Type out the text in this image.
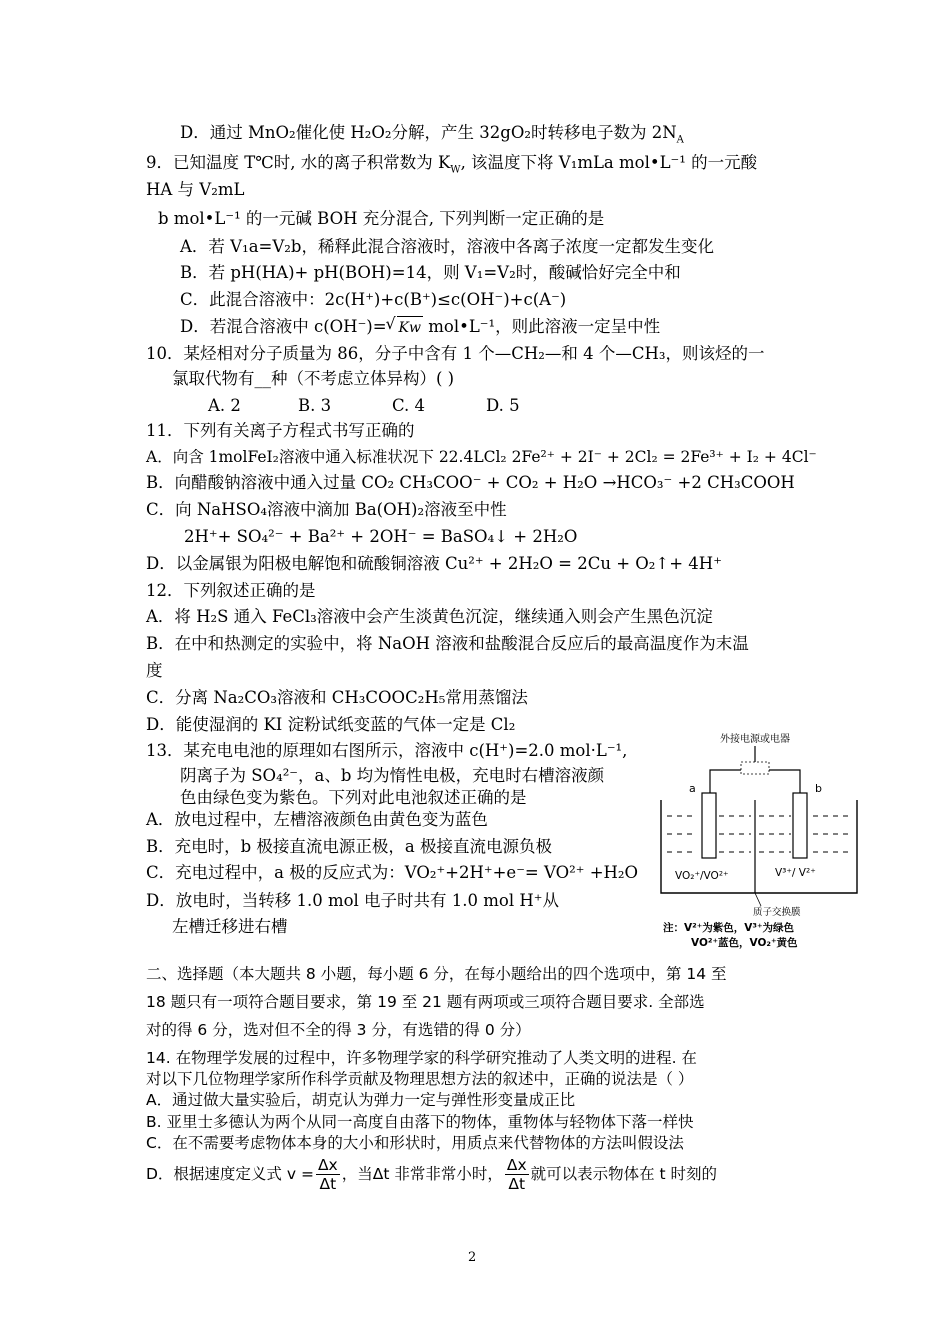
D．通过 MnO₂催化使 H₂O₂分解，产生 32gO₂时转移电子数为 $2N_A$
9．已知温度 T℃时, 水的离子积常数为 $K_W$, 该温度下将 V₁mLa mol•L⁻¹ 的一元酸
HA 与 V₂mL
b mol•L⁻¹ 的一元碱 BOH 充分混合, 下列判断一定正确的是
A．若 V₁a=V₂b，稀释此混合溶液时，溶液中各离子浓度一定都发生变化
B．若 pH(HA)+ pH(BOH)=14，则 V₁=V₂时，酸碱恰好完全中和
C．此混合溶液中：2c(H⁺)+c(B⁺)≤c(OH⁻)+c(A⁻)
D．若混合溶液中 c(OH⁻)=√ Kw mol•L⁻¹，则此溶液一定呈中性
10．某烃相对分子质量为 86，分子中含有 1 个—CH₂—和 4 个—CH₃，则该烃的一
氯取代物有__种（不考虑立体异构）( )
A. 2	B. 3	C. 4	D. 5
11．下列有关离子方程式书写正确的
A．向含 1molFeI₂溶液中通入标准状况下 22.4LCl₂ 2Fe²⁺ + 2I⁻ + 2Cl₂ = 2Fe³⁺ + I₂ + 4Cl⁻
B．向醋酸钠溶液中通入过量 CO₂ CH₃COO⁻ + CO₂ + H₂O →HCO₃⁻ +2 CH₃COOH
C．向 NaHSO₄溶液中滴加 Ba(OH)₂溶液至中性
2H⁺+ SO₄²⁻ + Ba²⁺ + 2OH⁻ = BaSO₄↓ + 2H₂O
D．以金属银为阳极电解饱和硫酸铜溶液 Cu²⁺ + 2H₂O = 2Cu + O₂↑+ 4H⁺
12．下列叙述正确的是
A．将 H₂S 通入 FeCl₃溶液中会产生淡黄色沉淀，继续通入则会产生黑色沉淀
B．在中和热测定的实验中，将 NaOH 溶液和盐酸混合反应后的最高温度作为末温
度
C．分离 Na₂CO₃溶液和 CH₃COOC₂H₅常用蒸馏法
D．能使湿润的 KI 淀粉试纸变蓝的气体一定是 Cl₂
13．某充电电池的原理如右图所示，溶液中 c(H⁺)=2.0 mol·L⁻¹,
阴离子为 SO₄²⁻，a、b 均为惰性电极，充电时右槽溶液颜
色由绿色变为紫色。下列对此电池叙述正确的是
A．放电过程中，左槽溶液颜色由黄色变为蓝色
B．充电时，b 极接直流电源正极，a 极接直流电源负极
C．充电过程中，a 极的反应式为：VO₂⁺+2H⁺+e⁻= VO²⁺ +H₂O
D．放电时，当转移 1.0 mol 电子时共有 1.0 mol H⁺从
左槽迁移进右槽
外接电源或电器
a	b
VO₂⁺/VO²⁺	V³⁺/ V²⁺
质子交换膜
注：V²⁺为紫色，V³⁺为绿色
VO²⁺蓝色，VO₂⁺黄色
二、选择题（本大题共 8 小题，每小题 6 分，在每小题给出的四个选项中，第 14 至
18 题只有一项符合题目要求，第 19 至 21 题有两项或三项符合题目要求. 全部选
对的得 6 分，选对但不全的得 3 分，有选错的得 0 分）
14. 在物理学发展的过程中，许多物理学家的科学研究推动了人类文明的进程. 在
对以下几位物理学家所作科学贡献及物理思想方法的叙述中，正确的说法是（ ）
A．通过做大量实验后，胡克认为弹力一定与弹性形变量成正比
B. 亚里士多德认为两个从同一高度自由落下的物体，重物体与轻物体下落一样快
C．在不需要考虑物体本身的大小和形状时，用质点来代替物体的方法叫假设法
D．根据速度定义式 $v = \frac{\Delta x}{\Delta t}$ ，当Δt 非常非常小时， $\frac{\Delta x}{\Delta t}$ 就可以表示物体在 t 时刻的
2
